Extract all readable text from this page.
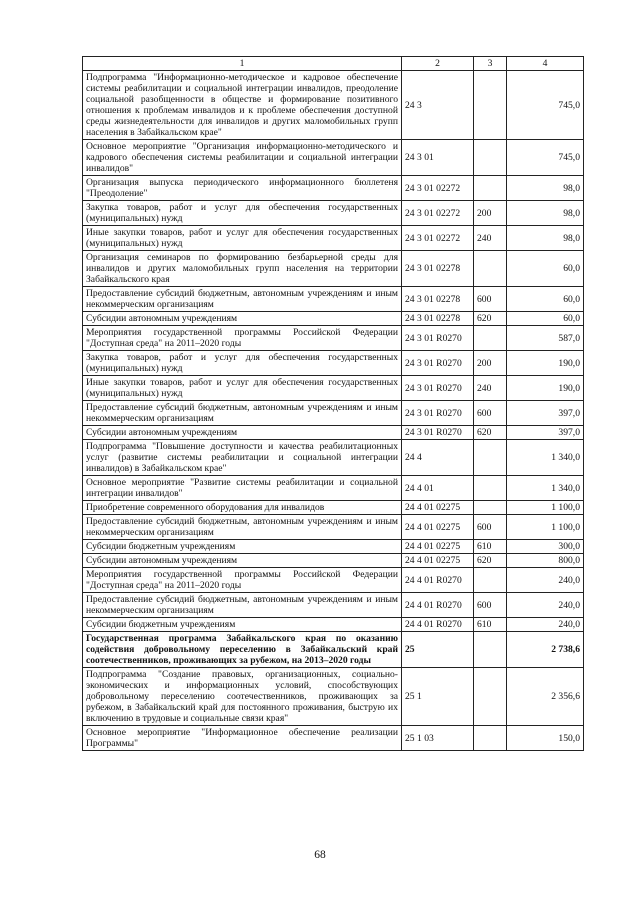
1	2	3	4
Подпрограмма "Информационно-методическое и кадровое обеспечение системы реабилитации и социальной интеграции инвалидов, преодоление социальной разобщенности в обществе и формирование позитивного отношения к проблемам инвалидов и к проблеме обеспечения доступной среды жизнедеятельности для инвалидов и других маломобильных групп населения в Забайкальском крае"	24 3		745,0
Основное мероприятие "Организация информационно-методического и кадрового обеспечения системы реабилитации и социальной интеграции инвалидов"	24 3 01		745,0
Организация выпуска периодического информационного бюллетеня "Преодоление"	24 3 01 02272		98,0
Закупка товаров, работ и услуг для обеспечения государственных (муниципальных) нужд	24 3 01 02272	200	98,0
Иные закупки товаров, работ и услуг для обеспечения государственных (муниципальных) нужд	24 3 01 02272	240	98,0
Организация семинаров по формированию безбарьерной среды для инвалидов и других маломобильных групп населения на территории Забайкальского края	24 3 01 02278		60,0
Предоставление субсидий бюджетным, автономным учреждениям и иным некоммерческим организациям	24 3 01 02278	600	60,0
Субсидии автономным учреждениям	24 3 01 02278	620	60,0
Мероприятия государственной программы Российской Федерации "Доступная среда" на 2011–2020 годы	24 3 01 R0270		587,0
Закупка товаров, работ и услуг для обеспечения государственных (муниципальных) нужд	24 3 01 R0270	200	190,0
Иные закупки товаров, работ и услуг для обеспечения государственных (муниципальных) нужд	24 3 01 R0270	240	190,0
Предоставление субсидий бюджетным, автономным учреждениям и иным некоммерческим организациям	24 3 01 R0270	600	397,0
Субсидии автономным учреждениям	24 3 01 R0270	620	397,0
Подпрограмма "Повышение доступности и качества реабилитационных услуг (развитие системы реабилитации и социальной интеграции инвалидов) в Забайкальском крае"	24 4		1 340,0
Основное мероприятие "Развитие системы реабилитации и социальной интеграции инвалидов"	24 4 01		1 340,0
Приобретение современного оборудования для инвалидов	24 4 01 02275		1 100,0
Предоставление субсидий бюджетным, автономным учреждениям и иным некоммерческим организациям	24 4 01 02275	600	1 100,0
Субсидии бюджетным учреждениям	24 4 01 02275	610	300,0
Субсидии автономным учреждениям	24 4 01 02275	620	800,0
Мероприятия государственной программы Российской Федерации "Доступная среда" на 2011–2020 годы	24 4 01 R0270		240,0
Предоставление субсидий бюджетным, автономным учреждениям и иным некоммерческим организациям	24 4 01 R0270	600	240,0
Субсидии бюджетным учреждениям	24 4 01 R0270	610	240,0
Государственная программа Забайкальского края по оказанию содействия добровольному переселению в Забайкальский край соотечественников, проживающих за рубежом, на 2013–2020 годы	25		2 738,6
Подпрограмма "Создание правовых, организационных, социально-экономических и информационных условий, способствующих добровольному переселению соотечественников, проживающих за рубежом, в Забайкальский край для постоянного проживания, быструю их включению в трудовые и социальные связи края"	25 1		2 356,6
Основное мероприятие "Информационное обеспечение реализации Программы"	25 1 03		150,0
68
